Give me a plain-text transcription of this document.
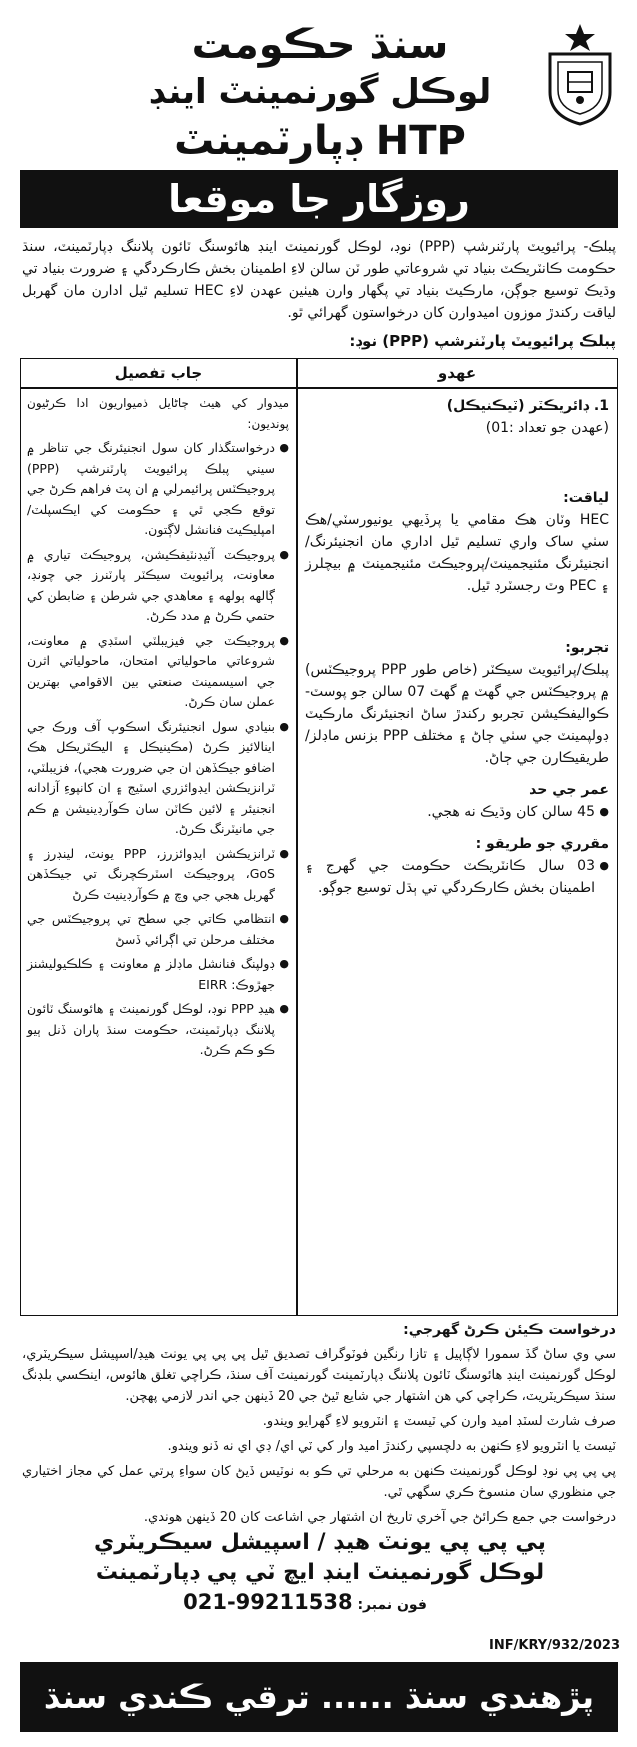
سنڌ حڪومت
لوڪل گورنمينٽ اينڊ
HTP ڊپارٽمينٽ
روزگار جا موقعا
پبلڪ- پرائيويٽ پارٽنرشپ (PPP) نوڊ، لوڪل گورنمينٽ اينڊ هائوسنگ ٽائون پلاننگ ڊپارٽمينٽ، سنڌ حڪومت ڪانٽريڪٽ بنياد تي شروعاتي طور ٽن سالن لاءِ اطمينان بخش ڪارڪردگي ۽ ضرورت بنياد تي وڌيڪ توسيع جوڳن، مارڪيٽ بنياد تي پگهار وارن هيٺين عهدن لاءِ HEC تسليم ٿيل ادارن مان گهربل لياقت رکندڙ موزون اميدوارن کان درخواستون گهرائي ٿو.
پبلڪ پرائيويٽ پارٽنرشپ (PPP) نوڊ:
عهدو
جاب تفصيل
1. ڊائريڪٽر (ٽيڪنيڪل)
(عهدن جو تعداد :01)
لياقت:
HEC وٽان هڪ مقامي يا پرڏيهي يونيورسٽي/هڪ سٺي ساک واري تسليم ٿيل اداري مان انجنيئرنگ/ انجنيئرنگ مئنيجمينٽ/پروجيڪٽ مئنيجمينٽ ۾ بيچلرز ۽ PEC وٽ رجسٽرڊ ٿيل.
تجربو:
پبلڪ/پرائيويٽ سيڪٽر (خاص طور PPP پروجيڪٽس) ۾ پروجيڪٽس جي گهٽ ۾ گهٽ 07 سالن جو پوسٽ-ڪواليفڪيشن تجربو رکندڙ ساڻ انجنيئرنگ مارڪيٽ ڊولپمينٽ جي سٺي ڄاڻ ۽ مختلف PPP بزنس ماڊلز/طريقيڪارن جي ڄاڻ.
عمر جي حد
● 45 سالن کان وڌيڪ نه هجي.
مقرري جو طريقو :
● 03 سال ڪانٽريڪٽ حڪومت جي گهرج ۽ اطمينان بخش ڪارڪردگي تي ٻڌل توسيع جوڳو.
ميدوار کي هيٺ ڄاڻايل ذميواريون ادا ڪرڻيون پونديون:
● درخواستگذار کان سول انجنيئرنگ جي تناظر ۾ سيني پبلڪ پرائيويٽ پارٽنرشپ (PPP) پروجيڪٽس پرائيمرلي ۾ ان پٽ فراهم ڪرڻ جي توقع ڪجي ٿي ۽ حڪومت کي ايڪسپلٽ/امپليڪيٽ فنانشل لاڳتون.
● پروجيڪٽ آئيڊنٽيفڪيشن، پروجيڪٽ تياري ۾ معاونت، پرائيويٽ سيڪٽر پارٽنرز جي چونڊ، ڳالهه ٻولهه ۽ معاهدي جي شرطن ۽ ضابطن کي حتمي ڪرڻ ۾ مدد ڪرڻ.
● پروجيڪٽ جي فيزيبلٽي اسٽڊي ۾ معاونت، شروعاتي ماحولياتي امتحان، ماحولياتي اثرن جي اسيسمينٽ صنعتي بين الاقوامي بهترين عملن سان ڪرڻ.
● بنيادي سول انجنيئرنگ اسڪوپ آف ورڪ جي اينالائيز ڪرڻ (مڪينيڪل ۽ اليڪٽريڪل هڪ اضافو جيڪڏهن ان جي ضرورت هجي)، فزيبلٽي، ٽرانزيڪشن ايڊوائزري اسٽيج ۽ ان کانپوءِ آزادانه انجنيئر ۽ لائين ڪاٽن سان ڪوآرڊينيشن ۾ ڪم جي مانيٽرنگ ڪرڻ.
● ٽرانزيڪشن ايڊوائزرز، PPP يونٽ، لينڊرز ۽ GoS، پروجيڪٽ اسٽرڪچرنگ تي جيڪڏهن گهربل هجي جي وچ ۾ ڪوآرڊينيٽ ڪرڻ
● انتظامي ڪاتي جي سطح تي پروجيڪٽس جي مختلف مرحلن تي اڳرائي ڏسڻ
● ڊولپنگ فنانشل ماڊلز ۾ معاونت ۽ ڪلڪيوليشنز جهڙوڪ: EIRR
● هيڊ PPP نوڊ، لوڪل گورنمينٽ ۽ هائوسنگ ٽائون پلاننگ ڊپارٽمينٽ، حڪومت سنڌ پاران ڏنل ٻيو ڪو ڪم ڪرڻ.
درخواست ڪيئن ڪرڻ گهرجي:

سي وي ساڻ گڏ سمورا لاڳاپيل ۽ تازا رنگين فوٽوگراف تصديق ٿيل پي پي پي يونٽ هيڊ/اسپيشل سيڪريٽري، لوڪل گورنمينٽ اينڊ هائوسنگ ٽائون پلاننگ ڊپارٽمينٽ گورنمينٽ آف سنڌ، ڪراچي تغلق هائوس، اينڪسي بلڊنگ سنڌ سيڪريٽريٽ، ڪراچي کي هن اشتهار جي شايع ٿيڻ جي 20 ڏينهن جي اندر لازمي پهچن.

صرف شارٽ لسٽڊ اميد وارن کي ٽيسٽ ۽ انٽرويو لاءِ گهرايو ويندو.

ٽيسٽ يا انٽرويو لاءِ ڪنهن به دلچسپي رکندڙ اميد وار کي ٽي اي/ ڊي اي نه ڏنو ويندو.

پي پي پي نوڊ لوڪل گورنمينٽ ڪنهن به مرحلي تي ڪو به نوٽيس ڏيڻ کان سواءِ پرتي عمل کي مجاز اختياري جي منظوري سان منسوخ ڪري سگهي ٿي.

درخواست جي جمع ڪرائڻ جي آخري تاريخ ان اشتهار جي اشاعت کان 20 ڏينهن هوندي.

پي پي پي يونٽ هيڊ / اسپيشل سيڪريٽري
لوڪل گورنمينٽ اينڊ ايچ ٽي پي ڊپارٽمينٽ
فون نمبر: 021-99211538
INF/KRY/932/2023
پڙهندي سنڌ ...... ترقي ڪندي سنڌ
